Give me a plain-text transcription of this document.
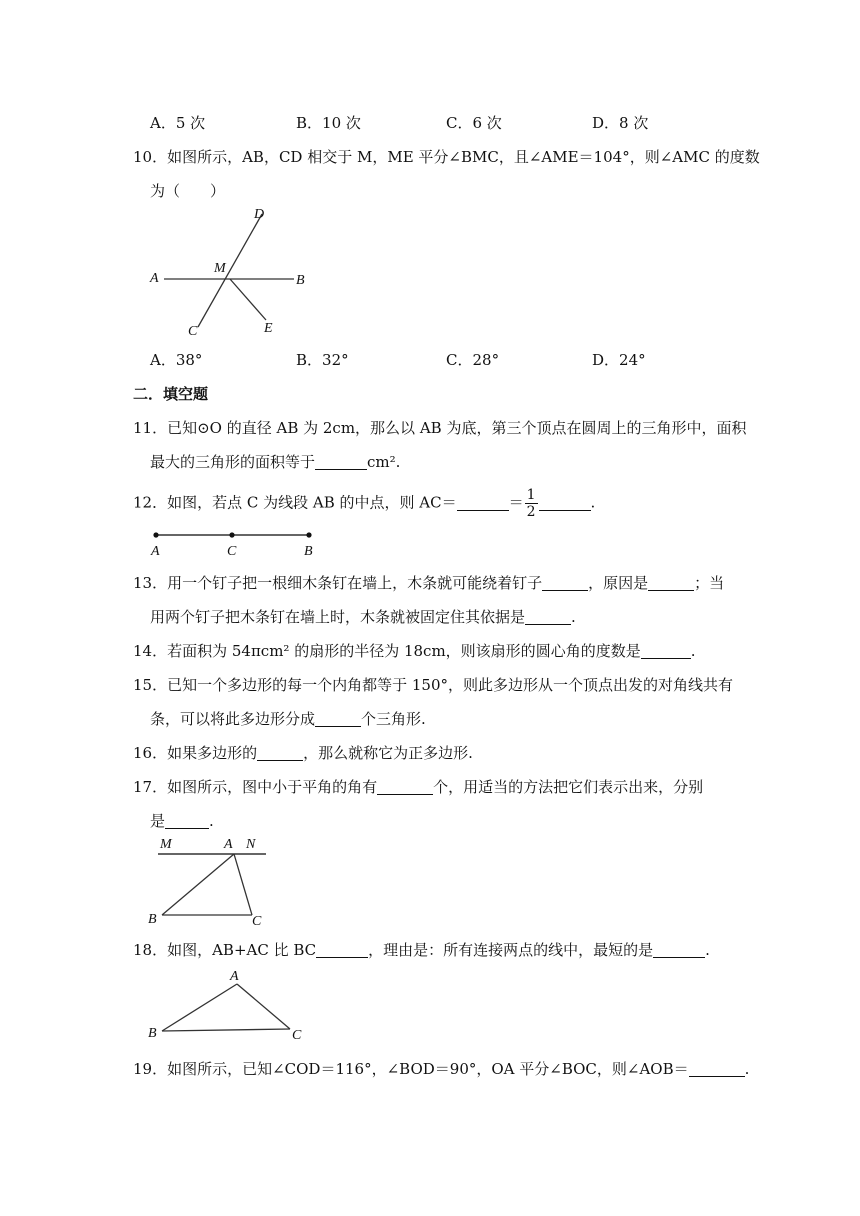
A．5 次	B．10 次	C．6 次	D．8 次
10．如图所示，AB，CD 相交于 M，ME 平分∠BMC，且∠AME＝104°，则∠AMC 的度数
为（　　）
A
M
B
D
C	E
A．38°	B．32°	C．28°	D．24°
二．填空题
11．已知⊙O 的直径 AB 为 2cm，那么以 AB 为底，第三个顶点在圆周上的三角形中，面积
最大的三角形的面积等于	cm².
12．如图，若点 C 为线段 AB 的中点，则 AC＝	＝ $\frac{1}{2}$	.
A	C	B
13．用一个钉子把一根细木条钉在墙上，木条就可能绕着钉子	，原因是	；当
用两个钉子把木条钉在墙上时，木条就被固定住其依据是	.
14．若面积为 54πcm² 的扇形的半径为 18cm，则该扇形的圆心角的度数是	.
15．已知一个多边形的每一个内角都等于 150°，则此多边形从一个顶点出发的对角线共有
条，可以将此多边形分成	个三角形.
16．如果多边形的	，那么就称它为正多边形.
17．如图所示，图中小于平角的角有	个，用适当的方法把它们表示出来，分别
是	.
M	A N
B	C
18．如图，AB+AC 比 BC	，理由是：所有连接两点的线中，最短的是	.
A
B	C
19．如图所示，已知∠COD＝116°，∠BOD＝90°，OA 平分∠BOC，则∠AOB＝	.
